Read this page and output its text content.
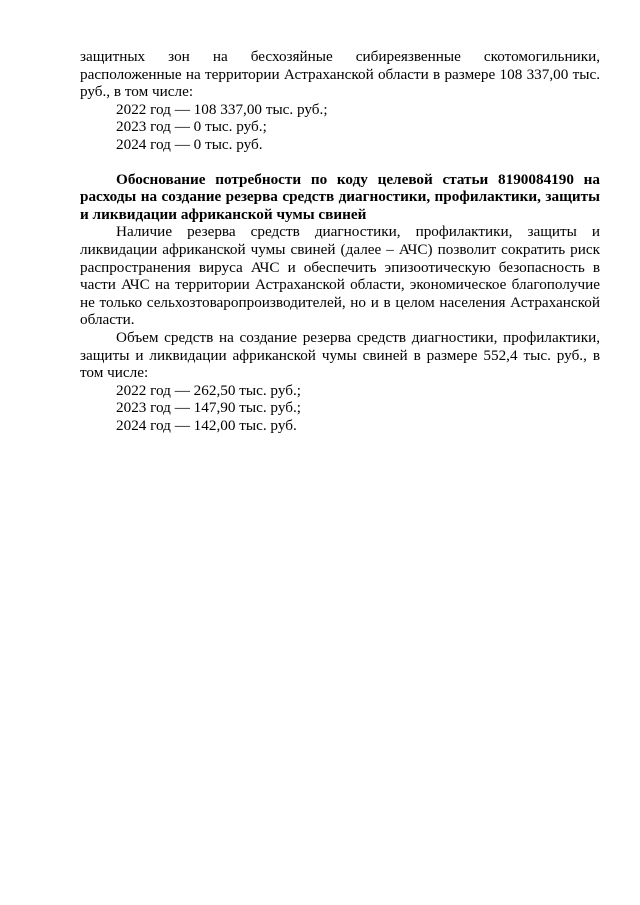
защитных зон на бесхозяйные сибиреязвенные скотомогильники, расположенные на территории Астраханской области в размере 108 337,00 тыс. руб., в том числе:

2022 год — 108 337,00 тыс. руб.;

2023 год — 0 тыс. руб.;

2024 год — 0 тыс. руб.

Обоснование потребности по коду целевой статьи 8190084190 на расходы на создание резерва средств диагностики, профилактики, защиты и ликвидации африканской чумы свиней

Наличие резерва средств диагностики, профилактики, защиты и ликвидации африканской чумы свиней (далее – АЧС) позволит сократить риск распространения вируса АЧС и обеспечить эпизоотическую безопасность в части АЧС на территории Астраханской области, экономическое благополучие не только сельхозтоваропроизводителей, но и в целом населения Астраханской области.

Объем средств на создание резерва средств диагностики, профилактики, защиты и ликвидации африканской чумы свиней в размере 552,4 тыс. руб., в том числе:

2022 год — 262,50 тыс. руб.;

2023 год — 147,90 тыс. руб.;

2024 год — 142,00 тыс. руб.
